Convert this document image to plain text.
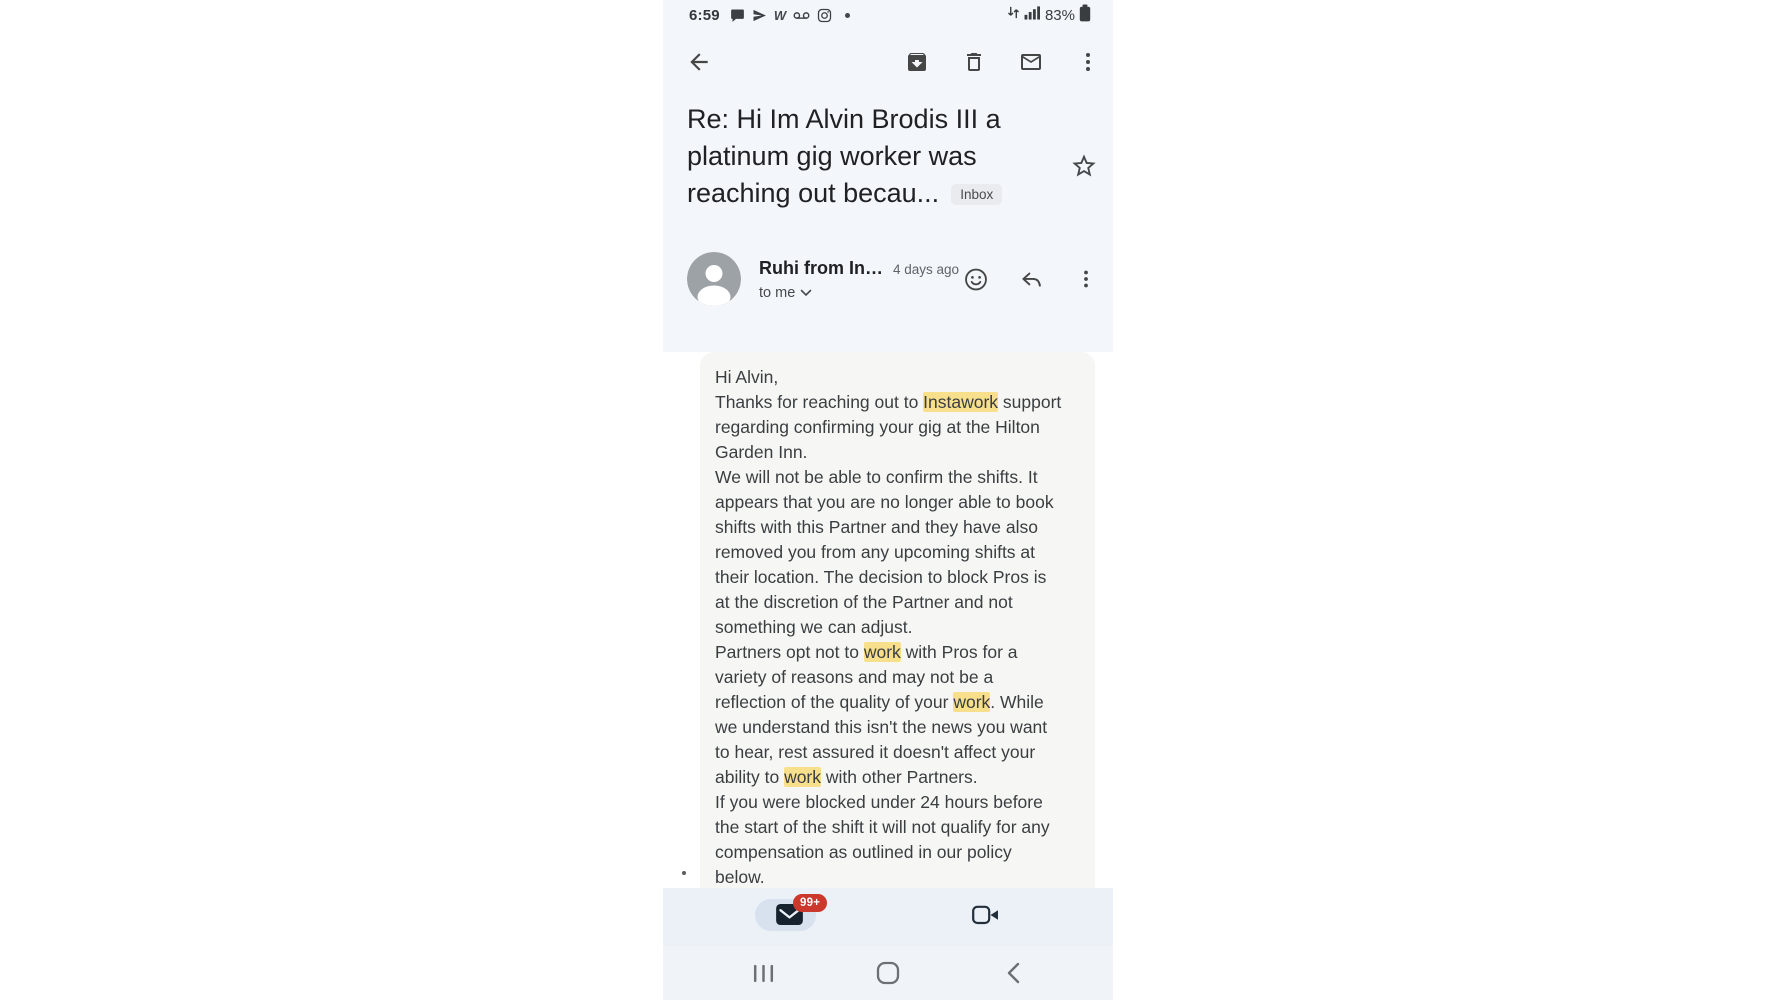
6:59	W	83%
Re: Hi Im Alvin Brodis III a
platinum gig worker was
reaching out becau... Inbox
Ruhi from In… 4 days ago
to me
Hi Alvin,
Thanks for reaching out to Instawork support
regarding confirming your gig at the Hilton
Garden Inn.
We will not be able to confirm the shifts. It
appears that you are no longer able to book
shifts with this Partner and they have also
removed you from any upcoming shifts at
their location. The decision to block Pros is
at the discretion of the Partner and not
something we can adjust.
Partners opt not to work with Pros for a
variety of reasons and may not be a
reflection of the quality of your work. While
we understand this isn't the news you want
to hear, rest assured it doesn't affect your
ability to work with other Partners.
If you were blocked under 24 hours before
the start of the shift it will not qualify for any
compensation as outlined in our policy
below.
99+
